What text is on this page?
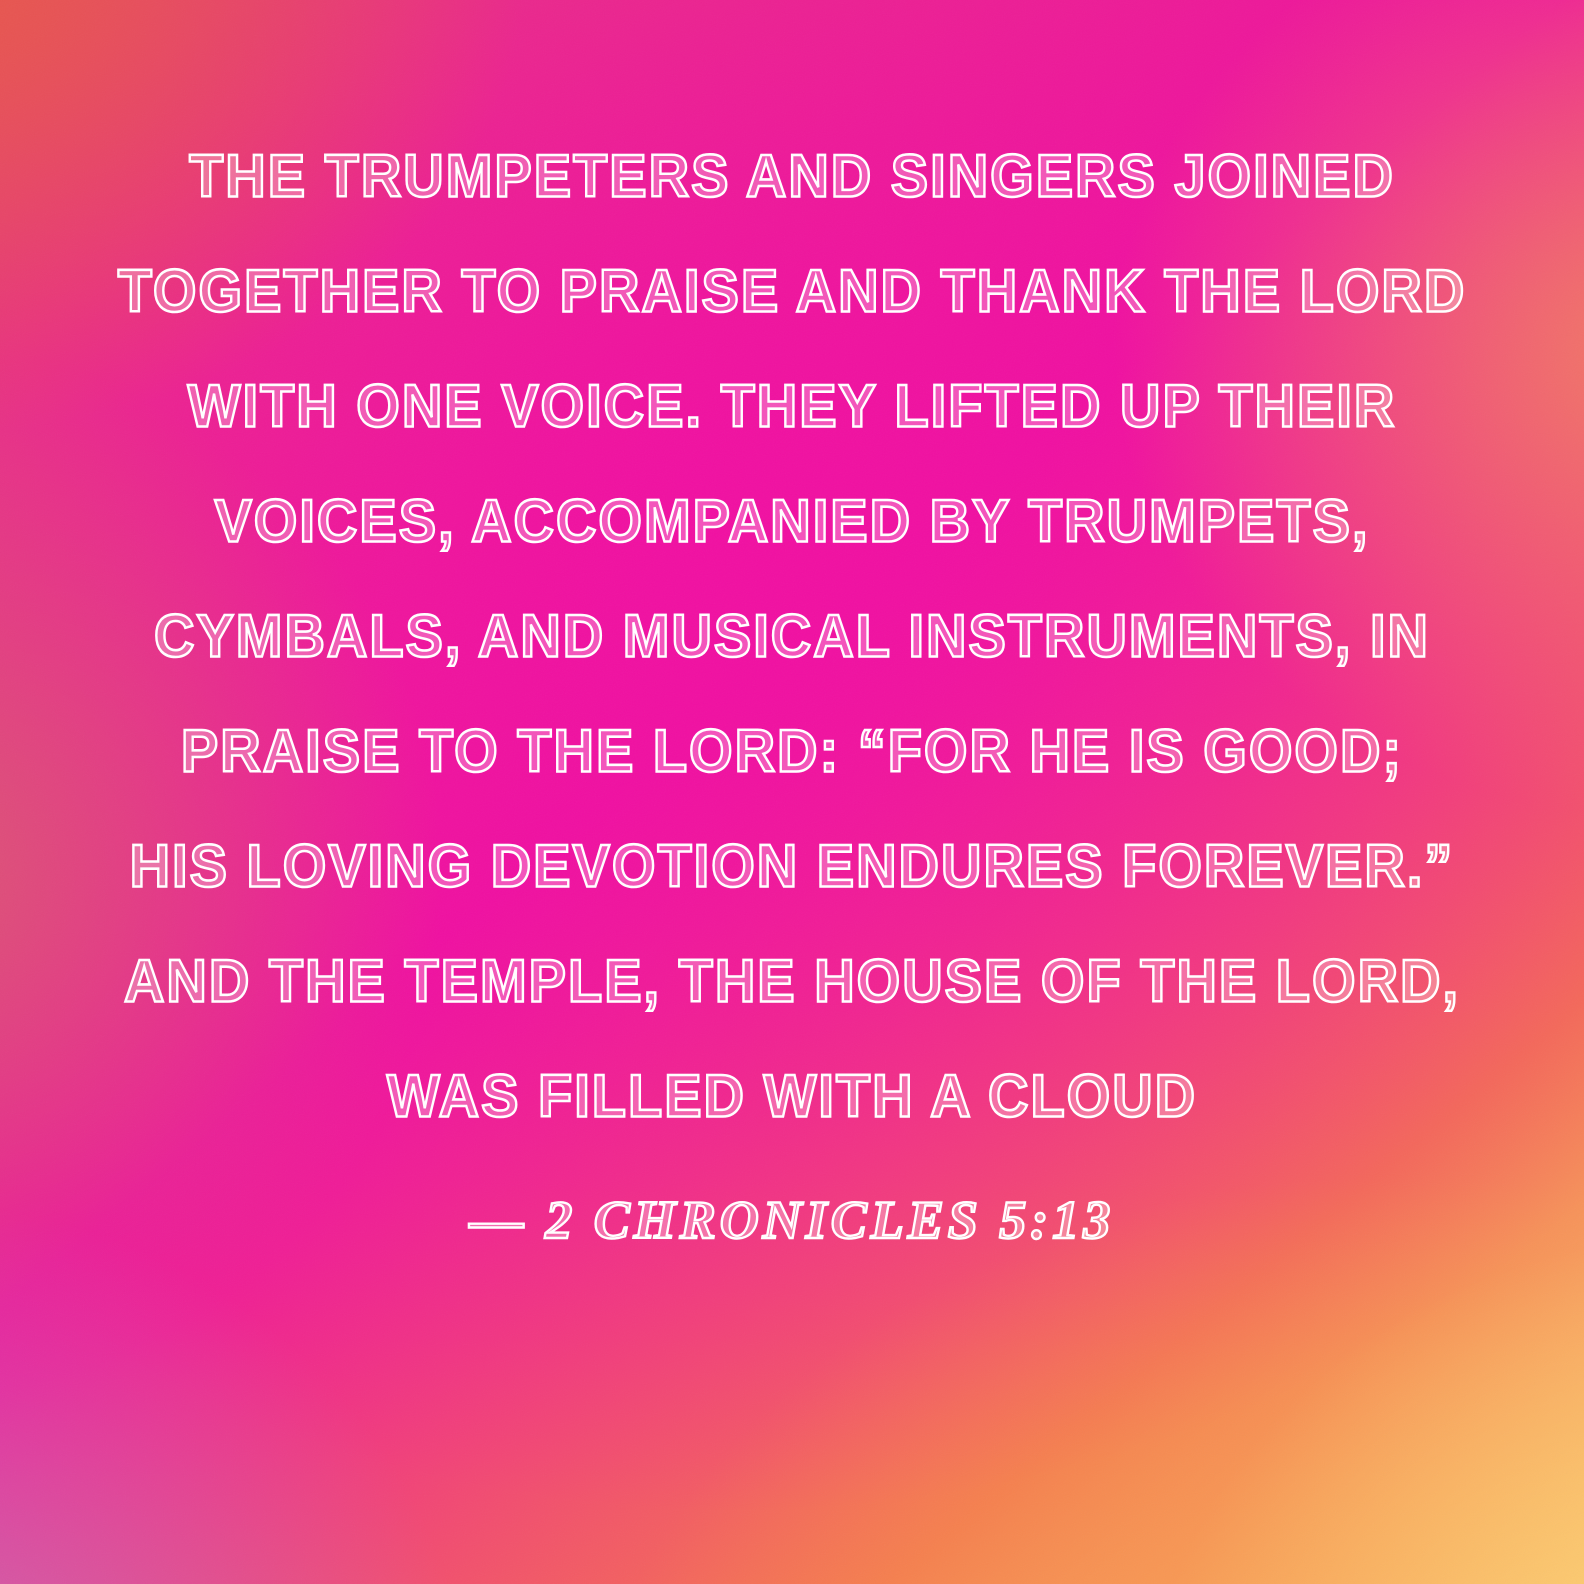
THE TRUMPETERS AND SINGERS JOINED
TOGETHER TO PRAISE AND THANK THE LORD
WITH ONE VOICE. THEY LIFTED UP THEIR
VOICES, ACCOMPANIED BY TRUMPETS,
CYMBALS, AND MUSICAL INSTRUMENTS, IN
PRAISE TO THE LORD: “FOR HE IS GOOD;
HIS LOVING DEVOTION ENDURES FOREVER.”
AND THE TEMPLE, THE HOUSE OF THE LORD,
WAS FILLED WITH A CLOUD
— 2 CHRONICLES 5:13
